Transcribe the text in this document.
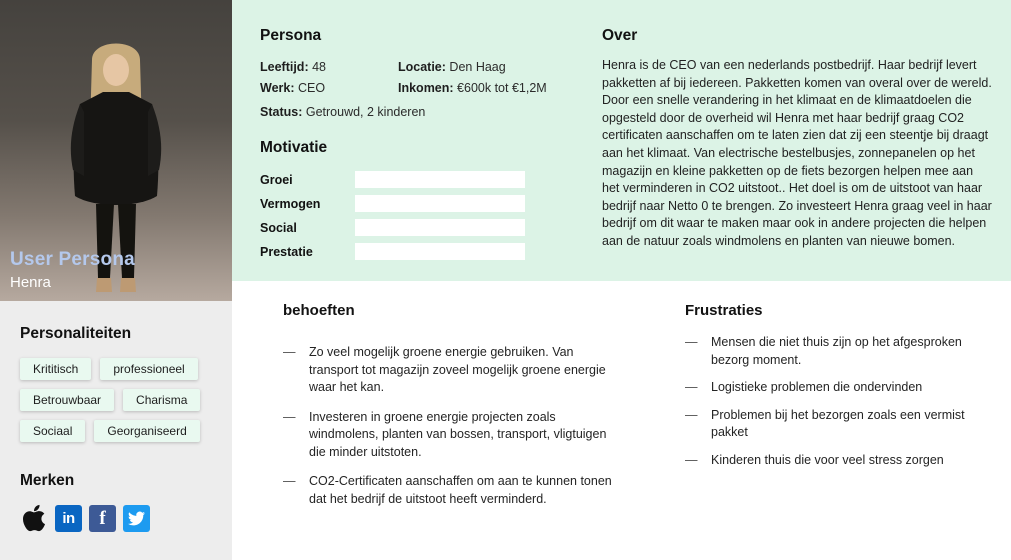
User Persona
Henra
Personaliteiten
Krititisch	professioneel
Betrouwbaar	Charisma
Sociaal	Georganiseerd
Merken
in f
Persona
Leeftijd: 48	Locatie: Den Haag
Werk: CEO	Inkomen: €600k tot €1,2M
Status: Getrouwd, 2 kinderen
Motivatie
Groei
Vermogen
Social
Prestatie
Over
Henra is de CEO van een nederlands postbedrijf. Haar bedrijf levert pakketten af bij iedereen. Pakketten komen van overal over de wereld. Door een snelle verandering in het klimaat en de klimaatdoelen die opgesteld door de overheid wil Henra met haar bedrijf graag CO2 certificaten aanschaffen om te laten zien dat zij een steentje bij draagt aan het klimaat. Van electrische bestelbusjes, zonnepanelen op het magazijn en kleine pakketten op de fiets bezorgen helpen mee aan het verminderen in CO2 uitstoot.. Het doel is om de uitstoot van haar bedrijf naar Netto 0 te brengen. Zo investeert Henra graag veel in haar bedrijf om dit waar te maken maar ook in andere projecten die helpen aan de natuur zoals windmolens en planten van nieuwe bomen.
behoeften
—
Zo veel mogelijk groene energie gebruiken. Van transport tot magazijn zoveel mogelijk groene energie waar het kan.
—
Investeren in groene energie projecten zoals windmolens, planten van bossen, transport, vligtuigen die minder uitstoten.
—
CO2-Certificaten aanschaffen om aan te kunnen tonen dat het bedrijf de uitstoot heeft verminderd.
Frustraties
—
Mensen die niet thuis zijn op het afgesproken bezorg moment.
—
Logistieke problemen die ondervinden
—
Problemen bij het bezorgen zoals een vermist pakket
—
Kinderen thuis die voor veel stress zorgen
